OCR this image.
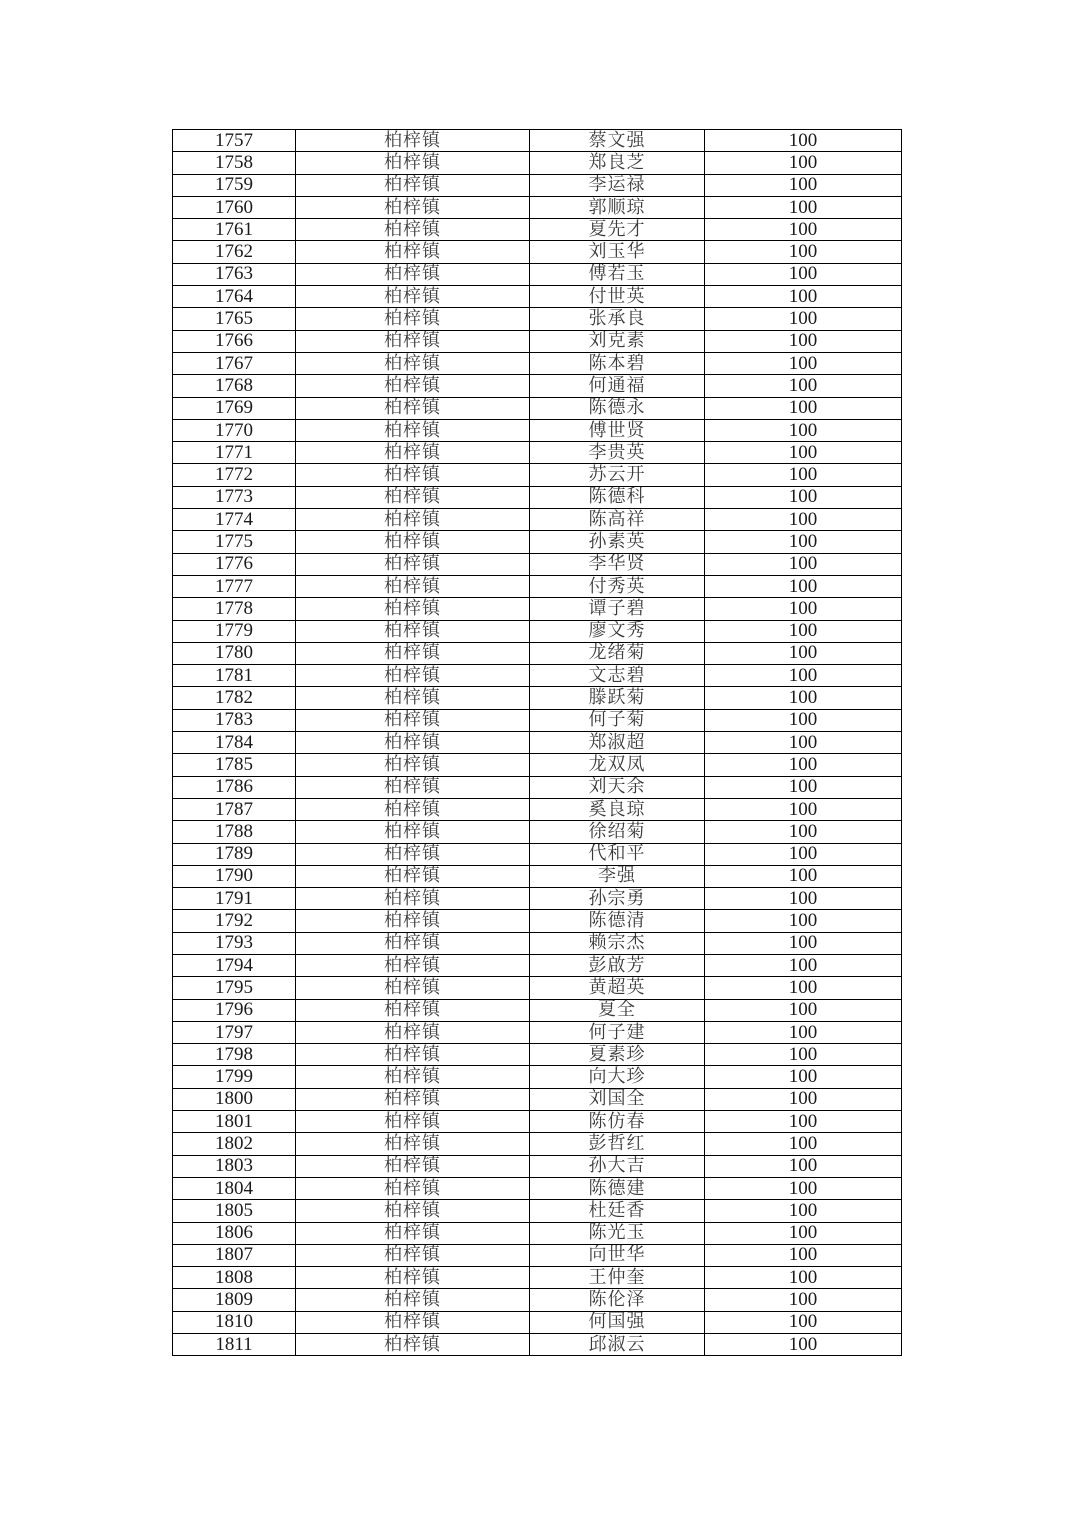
1757	柏梓镇	蔡文强	100
1758	柏梓镇	郑良芝	100
1759	柏梓镇	李运禄	100
1760	柏梓镇	郭顺琼	100
1761	柏梓镇	夏先才	100
1762	柏梓镇	刘玉华	100
1763	柏梓镇	傅若玉	100
1764	柏梓镇	付世英	100
1765	柏梓镇	张承良	100
1766	柏梓镇	刘克素	100
1767	柏梓镇	陈本碧	100
1768	柏梓镇	何通福	100
1769	柏梓镇	陈德永	100
1770	柏梓镇	傅世贤	100
1771	柏梓镇	李贵英	100
1772	柏梓镇	苏云开	100
1773	柏梓镇	陈德科	100
1774	柏梓镇	陈高祥	100
1775	柏梓镇	孙素英	100
1776	柏梓镇	李华贤	100
1777	柏梓镇	付秀英	100
1778	柏梓镇	谭子碧	100
1779	柏梓镇	廖文秀	100
1780	柏梓镇	龙绪菊	100
1781	柏梓镇	文志碧	100
1782	柏梓镇	滕跃菊	100
1783	柏梓镇	何子菊	100
1784	柏梓镇	郑淑超	100
1785	柏梓镇	龙双凤	100
1786	柏梓镇	刘天余	100
1787	柏梓镇	奚良琼	100
1788	柏梓镇	徐绍菊	100
1789	柏梓镇	代和平	100
1790	柏梓镇	李强	100
1791	柏梓镇	孙宗勇	100
1792	柏梓镇	陈德清	100
1793	柏梓镇	赖宗杰	100
1794	柏梓镇	彭啟芳	100
1795	柏梓镇	黄超英	100
1796	柏梓镇	夏全	100
1797	柏梓镇	何子建	100
1798	柏梓镇	夏素珍	100
1799	柏梓镇	向大珍	100
1800	柏梓镇	刘国全	100
1801	柏梓镇	陈仿春	100
1802	柏梓镇	彭哲红	100
1803	柏梓镇	孙大吉	100
1804	柏梓镇	陈德建	100
1805	柏梓镇	杜廷香	100
1806	柏梓镇	陈光玉	100
1807	柏梓镇	向世华	100
1808	柏梓镇	王仲奎	100
1809	柏梓镇	陈伦泽	100
1810	柏梓镇	何国强	100
1811	柏梓镇	邱淑云	100
